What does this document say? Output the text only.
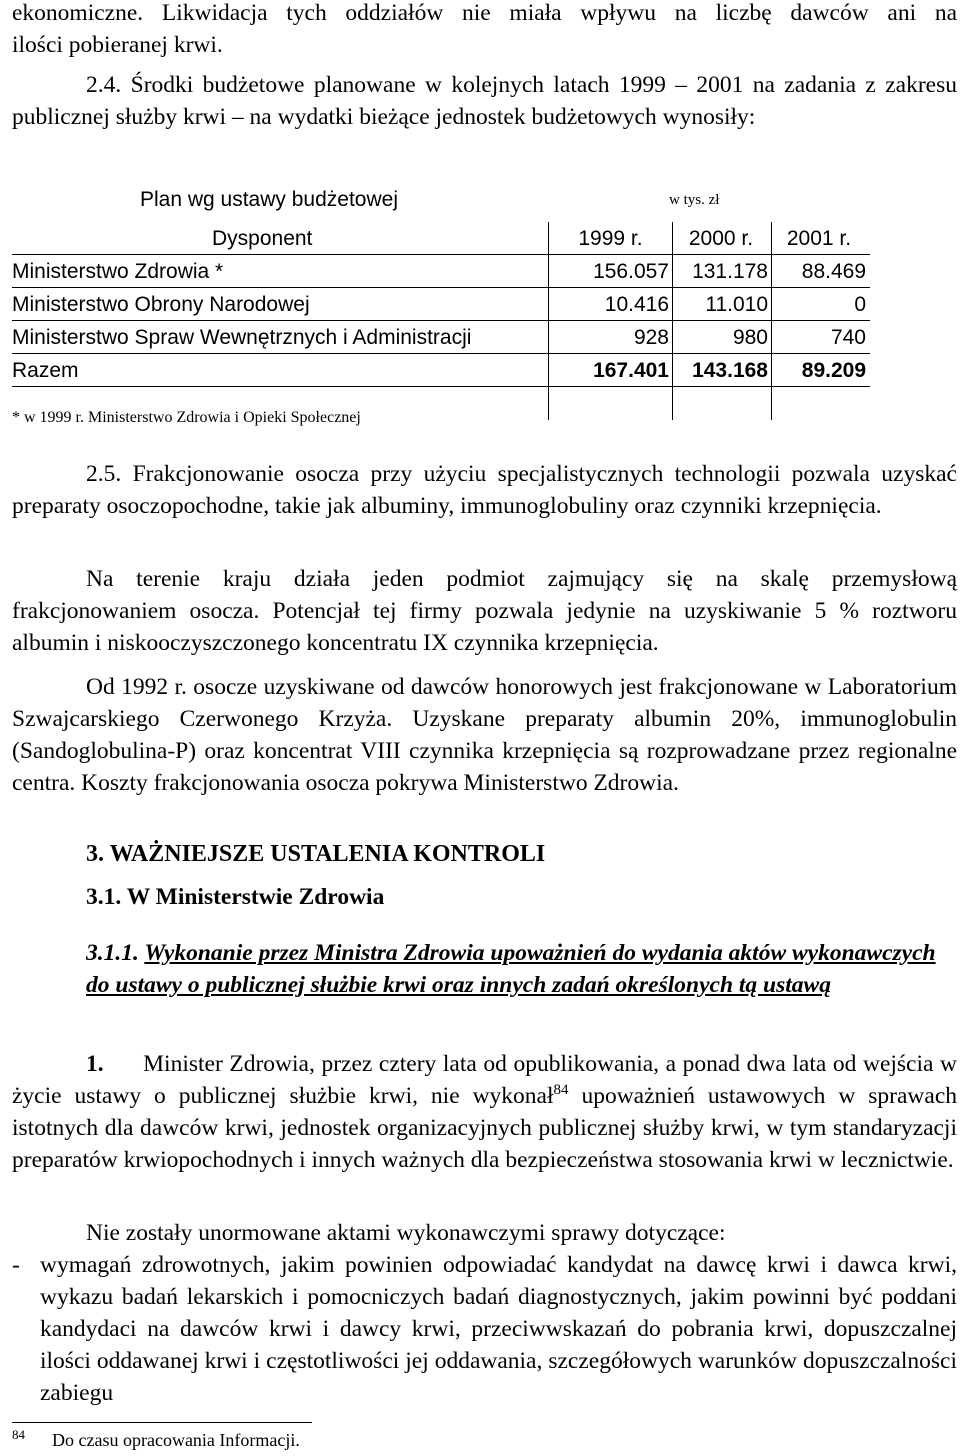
ekonomiczne. Likwidacja tych oddziałów nie miała wpływu na liczbę dawców ani na

ilości pobieranej krwi.

2.4. Środki budżetowe planowane w kolejnych latach 1999 – 2001 na zadania z zakresu publicznej służby krwi – na wydatki bieżące jednostek budżetowych wynosiły:

Plan wg ustawy budżetowej	w tys. zł
Dysponent	1999 r.	2000 r.	2001 r.
Ministerstwo Zdrowia *	156.057	131.178	88.469
Ministerstwo Obrony Narodowej	10.416	11.010	0
Ministerstwo Spraw Wewnętrznych i Administracji	928	980	740
Razem	167.401	143.168	89.209
* w 1999 r. Ministerstwo Zdrowia i Opieki Społecznej

2.5. Frakcjonowanie osocza przy użyciu specjalistycznych technologii pozwala uzyskać preparaty osoczopochodne, takie jak albuminy, immunoglobuliny oraz czynniki krzepnięcia.

Na terenie kraju działa jeden podmiot zajmujący się na skalę przemysłową frakcjonowaniem osocza. Potencjał tej firmy pozwala jedynie na uzyskiwanie 5 % roztworu albumin i niskooczyszczonego koncentratu IX czynnika krzepnięcia.

Od 1992 r. osocze uzyskiwane od dawców honorowych jest frakcjonowane w Laboratorium Szwajcarskiego Czerwonego Krzyża. Uzyskane preparaty albumin 20%, immunoglobulin (Sandoglobulina-P) oraz koncentrat VIII czynnika krzepnięcia są rozprowadzane przez regionalne centra. Koszty frakcjonowania osocza pokrywa Ministerstwo Zdrowia.

3. WAŻNIEJSZE USTALENIA KONTROLI
3.1. W Ministerstwie Zdrowia
3.1.1. Wykonanie przez Ministra Zdrowia upoważnień do wydania aktów wykonawczych do ustawy o publicznej służbie krwi oraz innych zadań określonych tą ustawą

1. Minister Zdrowia, przez cztery lata od opublikowania, a ponad dwa lata od wejścia w życie ustawy o publicznej służbie krwi, nie wykonał$^{84}$ upoważnień ustawowych w sprawach istotnych dla dawców krwi, jednostek organizacyjnych publicznej służby krwi, w tym standaryzacji preparatów krwiopochodnych i innych ważnych dla bezpieczeństwa stosowania krwi w lecznictwie.

Nie zostały unormowane aktami wykonawczymi sprawy dotyczące:

- wymagań zdrowotnych, jakim powinien odpowiadać kandydat na dawcę krwi i dawca krwi, wykazu badań lekarskich i pomocniczych badań diagnostycznych, jakim powinni być poddani kandydaci na dawców krwi i dawcy krwi, przeciwwskazań do pobrania krwi, dopuszczalnej ilości oddawanej krwi i częstotliwości jej oddawania, szczegółowych warunków dopuszczalności zabiegu
$^{84}$ Do czasu opracowania Informacji.
